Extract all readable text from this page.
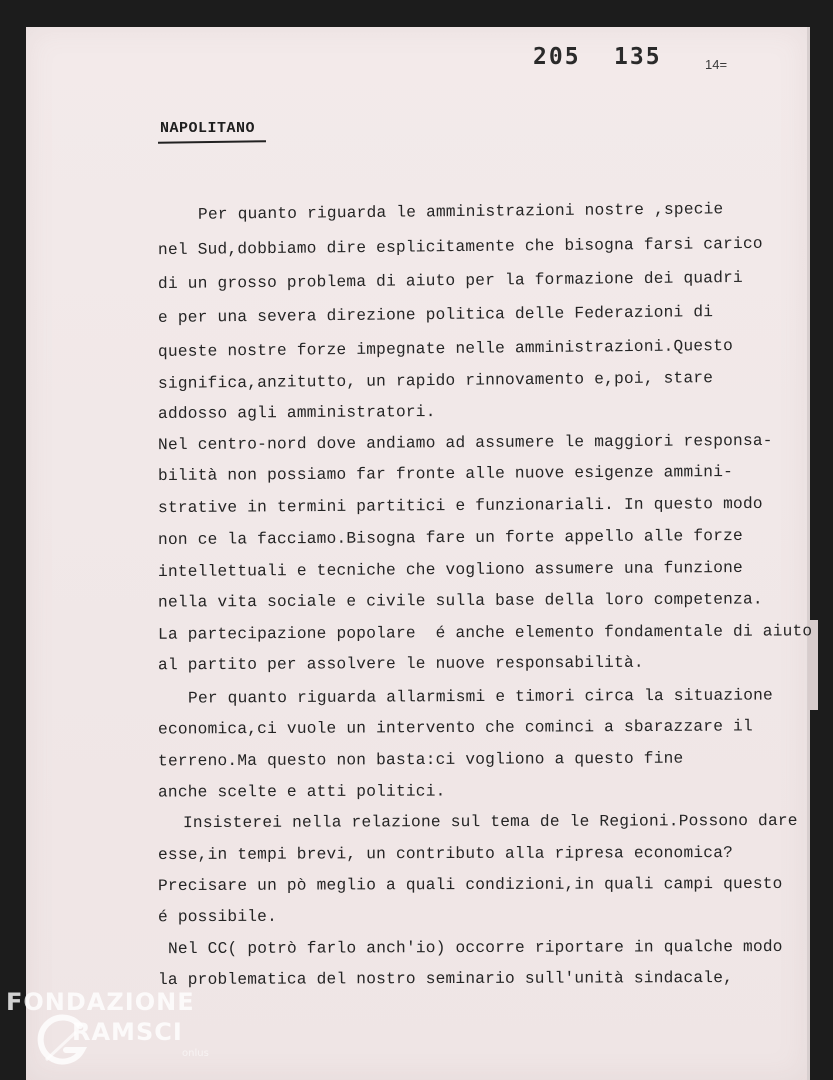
205 135	14=
NAPOLITANO
Per quanto riguarda le amministrazioni nostre ,specie
nel Sud,dobbiamo dire esplicitamente che bisogna farsi carico
di un grosso problema di aiuto per la formazione dei quadri
e per una severa direzione politica delle Federazioni di
queste nostre forze impegnate nelle amministrazioni.Questo
significa,anzitutto, un rapido rinnovamento e,poi, stare
addosso agli amministratori.
Nel centro-nord dove andiamo ad assumere le maggiori responsa-
bilità non possiamo far fronte alle nuove esigenze ammini-
strative in termini partitici e funzionariali. In questo modo
non ce la facciamo.Bisogna fare un forte appello alle forze
intellettuali e tecniche che vogliono assumere una funzione
nella vita sociale e civile sulla base della loro competenza.
La partecipazione popolare  é anche elemento fondamentale di aiuto
al partito per assolvere le nuove responsabilità.
Per quanto riguarda allarmismi e timori circa la situazione
economica,ci vuole un intervento che cominci a sbarazzare il
terreno.Ma questo non basta:ci vogliono a questo fine
anche scelte e atti politici.
Insisterei nella relazione sul tema de le Regioni.Possono dare
esse,in tempi brevi, un contributo alla ripresa economica?
Precisare un pò meglio a quali condizioni,in quali campi questo
é possibile.
Nel CC( potrò farlo anch'io) occorre riportare in qualche modo
la problematica del nostro seminario sull'unità sindacale,
FONDAZIONE
RAMSCI
onlus
